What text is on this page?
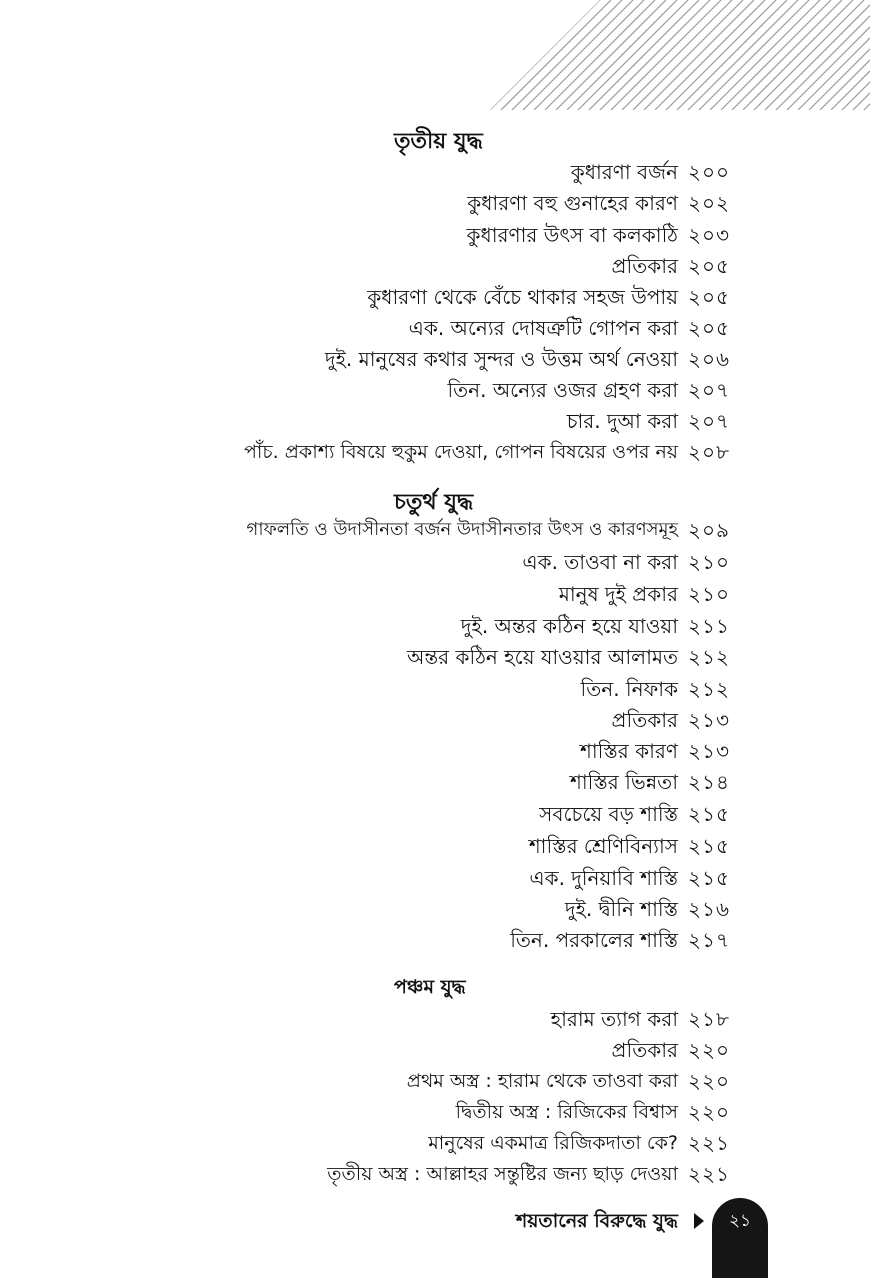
তৃতীয় যুদ্ধ
কুধারণা বর্জন ২০০
কুধারণা বহু গুনাহের কারণ ২০২
কুধারণার উৎস বা কলকাঠি ২০৩
প্রতিকার ২০৫
কুধারণা থেকে বেঁচে থাকার সহজ উপায় ২০৫
এক. অন্যের দোষত্রুটি গোপন করা ২০৫
দুই. মানুষের কথার সুন্দর ও উত্তম অর্থ নেওয়া ২০৬
তিন. অন্যের ওজর গ্রহণ করা ২০৭
চার. দুআ করা ২০৭
পাঁচ. প্রকাশ্য বিষয়ে হুকুম দেওয়া, গোপন বিষয়ের ওপর নয় ২০৮
চতুর্থ যুদ্ধ
গাফলতি ও উদাসীনতা বর্জন উদাসীনতার উৎস ও কারণসমূহ ২০৯
এক. তাওবা না করা ২১০
মানুষ দুই প্রকার ২১০
দুই. অন্তর কঠিন হয়ে যাওয়া ২১১
অন্তর কঠিন হয়ে যাওয়ার আলামত ২১২
তিন. নিফাক ২১২
প্রতিকার ২১৩
শাস্তির কারণ ২১৩
শাস্তির ভিন্নতা ২১৪
সবচেয়ে বড় শাস্তি ২১৫
শাস্তির শ্রেণিবিন্যাস ২১৫
এক. দুনিয়াবি শাস্তি ২১৫
দুই. দ্বীনি শাস্তি ২১৬
তিন. পরকালের শাস্তি ২১৭
পঞ্চম যুদ্ধ
হারাম ত্যাগ করা ২১৮
প্রতিকার ২২০
প্রথম অস্ত্র : হারাম থেকে তাওবা করা ২২০
দ্বিতীয় অস্ত্র : রিজিকের বিশ্বাস ২২০
মানুষের একমাত্র রিজিকদাতা কে? ২২১
তৃতীয় অস্ত্র : আল্লাহর সন্তুষ্টির জন্য ছাড় দেওয়া ২২১
শয়তানের বিরুদ্ধে যুদ্ধ	২১
